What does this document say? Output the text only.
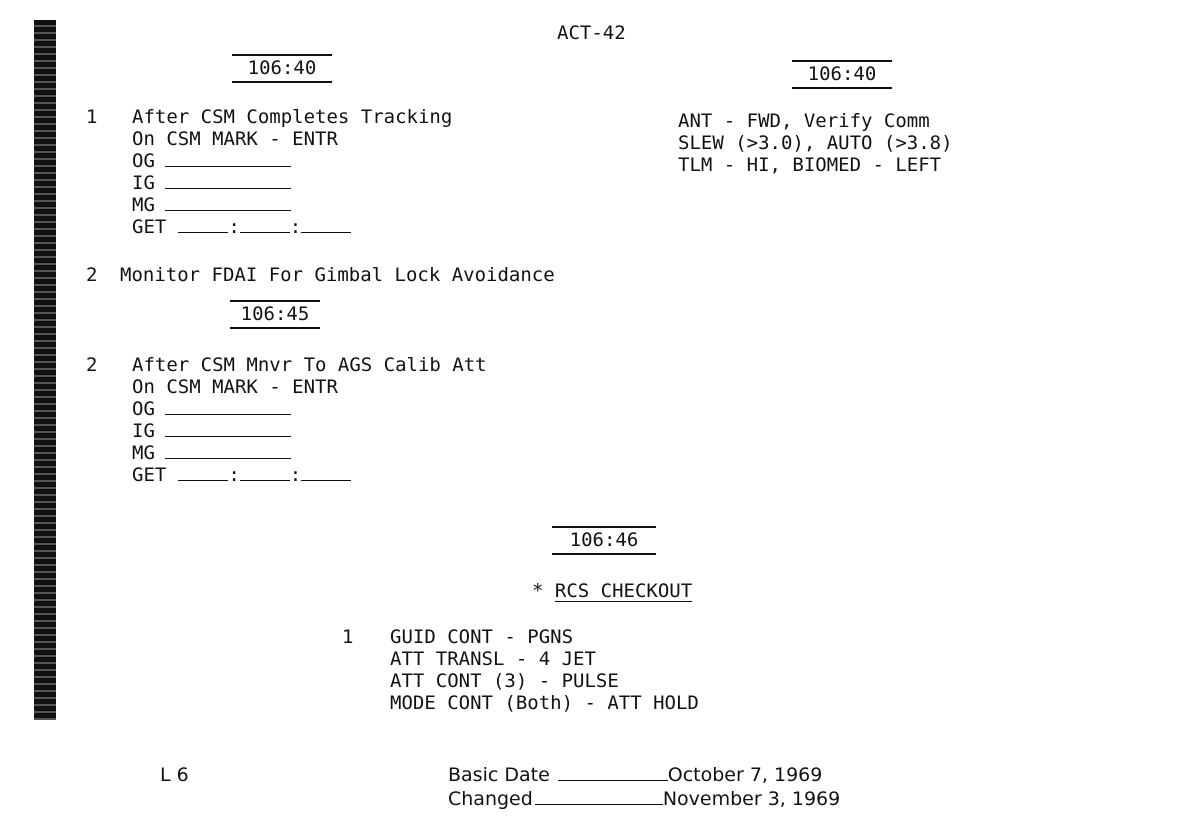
ACT-42
106:40	106:40
1 After CSM Completes Tracking
On CSM MARK - ENTR
OG
IG
MG
GET	:	:
2 Monitor FDAI For Gimbal Lock Avoidance
106:45
2 After CSM Mnvr To AGS Calib Att
On CSM MARK - ENTR
OG
IG
MG
GET	:	:
ANT - FWD, Verify Comm
SLEW (>3.0), AUTO (>3.8)
TLM - HI, BIOMED - LEFT
106:46
* RCS CHECKOUT
1 GUID CONT - PGNS
ATT TRANSL - 4 JET
ATT CONT (3) - PULSE
MODE CONT (Both) - ATT HOLD
L 6	Basic Date	October 7, 1969
Changed	November 3, 1969
